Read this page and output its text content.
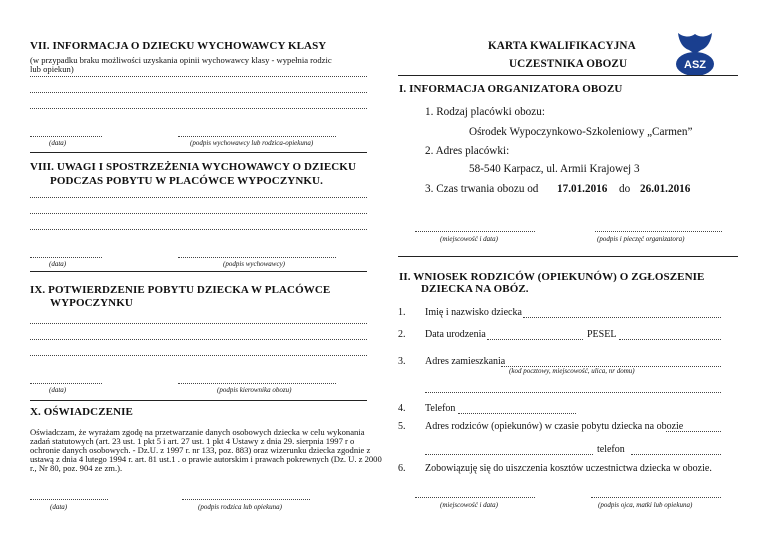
VII. INFORMACJA O DZIECKU WYCHOWAWCY KLASY
(w przypadku braku możliwości uzyskania opinii wychowawcy klasy - wypełnia rodzic
lub opiekun)
(data)	(podpis wychowawcy lub rodzica-opiekuna)
VIII. UWAGI I SPOSTRZEŻENIA WYCHOWAWCY O DZIECKU
PODCZAS POBYTU W PLACÓWCE WYPOCZYNKU.
(data)	(podpis wychowawcy)
IX. POTWIERDZENIE POBYTU DZIECKA W PLACÓWCE
WYPOCZYNKU
(data)	(podpis kierownika obozu)
X. OŚWIADCZENIE
Oświadczam, że wyrażam zgodę na przetwarzanie danych osobowych dziecka w celu wykonania
zadań statutowych (art. 23 ust. 1 pkt 5 i art. 27 ust. 1 pkt 4 Ustawy z dnia 29. sierpnia 1997 r o
ochronie danych osobowych. - Dz.U. z 1997 r. nr 133, poz. 883) oraz wizerunku dziecka zgodnie z
ustawą z dnia 4 lutego 1994 r. art. 81 ust.1 . o prawie autorskim i prawach pokrewnych (Dz. U. z 2000
r., Nr 80, poz. 904 ze zm.).
(data)	(podpis rodzica lub opiekuna)
KARTA KWALIFIKACYJNA
UCZESTNIKA OBOZU	ASZ
I. INFORMACJA ORGANIZATORA OBOZU
1. Rodzaj placówki obozu:
Ośrodek Wypoczynkowo-Szkoleniowy „Carmen”
2. Adres placówki:
58-540 Karpacz, ul. Armii Krajowej 3
3. Czas trwania obozu od 17.01.2016 do 26.01.2016
(miejscowość i data)	(podpis i pieczęć organizatora)
II. WNIOSEK RODZICÓW (OPIEKUNÓW) O ZGŁOSZENIE
DZIECKA NA OBÓZ.
1. Imię i nazwisko dziecka
2. Data urodzenia	PESEL
3. Adres zamieszkania
(kod pocztowy, miejscowość, ulica, nr domu)
4. Telefon
5. Adres rodziców (opiekunów) w czasie pobytu dziecka na obozie
telefon
6. Zobowiązuję się do uiszczenia kosztów uczestnictwa dziecka w obozie.
(miejscowość i data)	(podpis ojca, matki lub opiekuna)
